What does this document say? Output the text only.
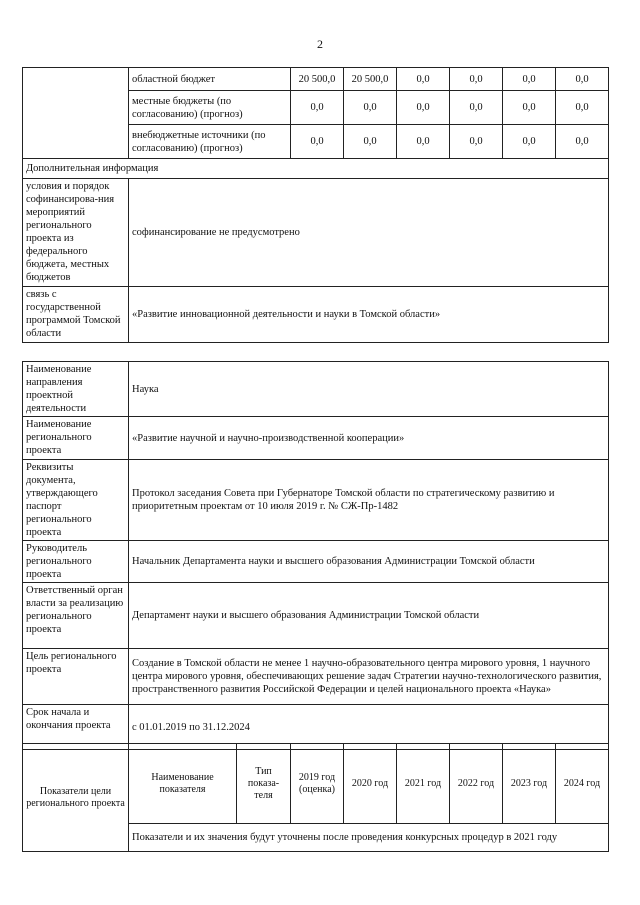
2
	областной бюджет	20 500,0	20 500,0	0,0	0,0	0,0	0,0
	местные бюджеты (по согласованию) (прогноз)	0,0	0,0	0,0	0,0	0,0	0,0
	внебюджетные источники (по согласованию) (прогноз)	0,0	0,0	0,0	0,0	0,0	0,0
Дополнительная информация							
условия и порядок софинансирова-ния мероприятий регионального проекта из федерального бюджета, местных бюджетов	софинансирование не предусмотрено						
связь с государственной программой Томской области	«Развитие инновационной деятельности и науки в Томской области»						
Наименование направления проектной деятельности	Наука
Наименование регионального проекта	«Развитие научной и научно-производственной кооперации»
Реквизиты документа, утверждающего паспорт регионального проекта	Протокол заседания Совета при Губернаторе Томской области по стратегическому развитию и приоритетным проектам от 10 июля 2019 г. № СЖ-Пр-1482
Руководитель регионального проекта	Начальник Департамента науки и высшего образования Администрации Томской области
Ответственный орган власти за реализацию регионального проекта	Департамент науки и высшего образования Администрации Томской области
Цель регионального проекта	Создание в Томской области не менее 1 научно-образовательного центра мирового уровня, 1 научного центра мирового уровня, обеспечивающих решение задач Стратегии научно-технологического развития, пространственного развития Российской Федерации и целей национального проекта «Наука»
Срок начала и окончания проекта	с 01.01.2019 по 31.12.2024
Показатели цели регионального проекта	Наименование показателя	Тип показа-теля	2019 год (оценка)	2020 год	2021 год	2022 год	2023 год	2024 год
Показатели и их значения будут уточнены после проведения конкурсных процедур в 2021 году
